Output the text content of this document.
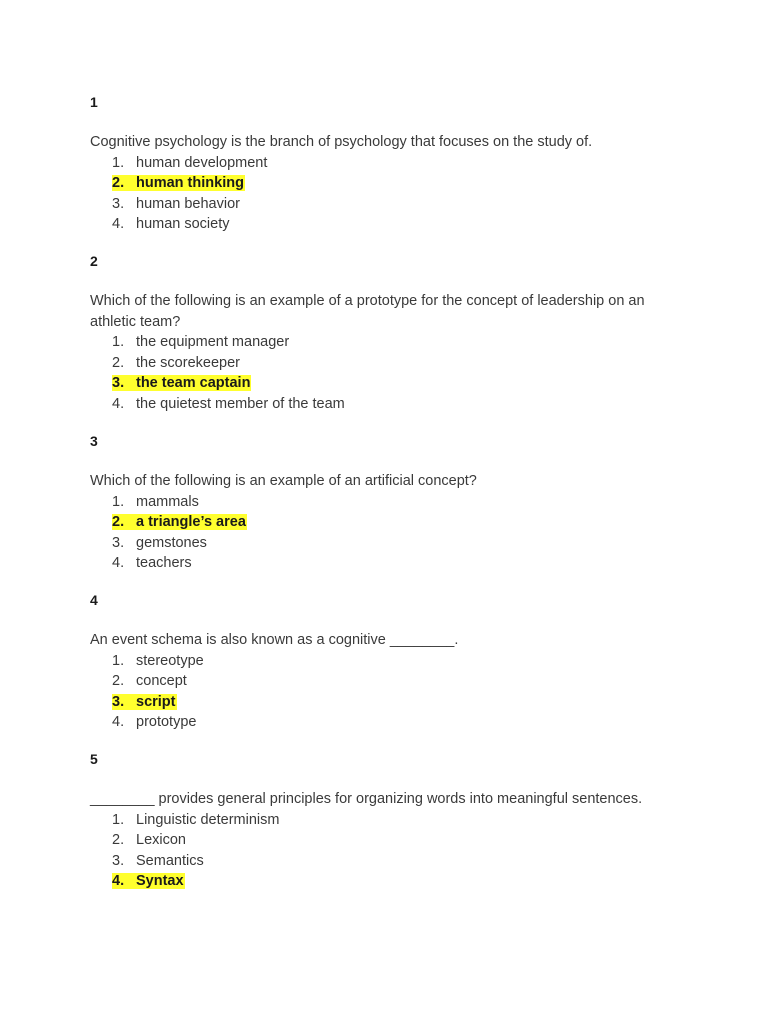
1
Cognitive psychology is the branch of psychology that focuses on the study of.
1. human development
2. human thinking
3. human behavior
4. human society
2
Which of the following is an example of a prototype for the concept of leadership on an athletic team?
1. the equipment manager
2. the scorekeeper
3. the team captain
4. the quietest member of the team
3
Which of the following is an example of an artificial concept?
1. mammals
2. a triangle’s area
3. gemstones
4. teachers
4
An event schema is also known as a cognitive ________.
1. stereotype
2. concept
3. script
4. prototype
5
________ provides general principles for organizing words into meaningful sentences.
1. Linguistic determinism
2. Lexicon
3. Semantics
4. Syntax
